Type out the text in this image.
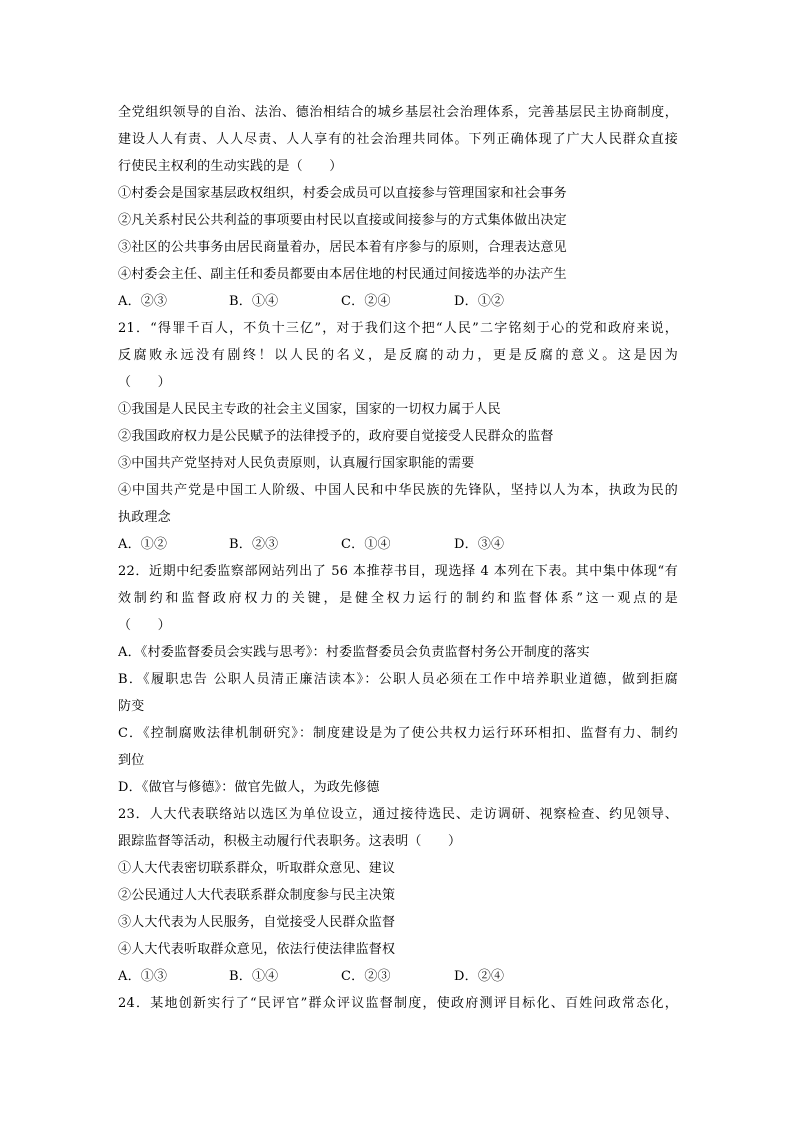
全党组织领导的自治、法治、德治相结合的城乡基层社会治理体系，完善基层民主协商制度，
建设人人有责、人人尽责、人人享有的社会治理共同体。下列正确体现了广大人民群众直接
行使民主权利的生动实践的是（　　）
①村委会是国家基层政权组织，村委会成员可以直接参与管理国家和社会事务
②凡关系村民公共利益的事项要由村民以直接或间接参与的方式集体做出决定
③社区的公共事务由居民商量着办，居民本着有序参与的原则，合理表达意见
④村委会主任、副主任和委员都要由本居住地的村民通过间接选举的办法产生
A．②③	B．①④	C．②④	D．①②
21．“得罪千百人，不负十三亿”，对于我们这个把“人民”二字铭刻于心的党和政府来说，
反腐败永远没有剧终！以人民的名义，是反腐的动力，更是反腐的意义。这是因为
（　　）
①我国是人民民主专政的社会主义国家，国家的一切权力属于人民
②我国政府权力是公民赋予的法律授予的，政府要自觉接受人民群众的监督
③中国共产党坚持对人民负责原则，认真履行国家职能的需要
④中国共产党是中国工人阶级、中国人民和中华民族的先锋队，坚持以人为本，执政为民的
执政理念
A．①②	B．②③	C．①④	D．③④
22．近期中纪委监察部网站列出了 56 本推荐书目，现选择 4 本列在下表。其中集中体现“有
效制约和监督政府权力的关键，是健全权力运行的制约和监督体系”这一观点的是
（　　）
A．《村委监督委员会实践与思考》：村委监督委员会负责监督村务公开制度的落实
B．《履职忠告 公职人员清正廉洁读本》：公职人员必须在工作中培养职业道德，做到拒腐
防变
C．《控制腐败法律机制研究》：制度建设是为了使公共权力运行环环相扣、监督有力、制约
到位
D．《做官与修德》：做官先做人，为政先修德
23．人大代表联络站以选区为单位设立，通过接待选民、走访调研、视察检查、约见领导、
跟踪监督等活动，积极主动履行代表职务。这表明（　　）
①人大代表密切联系群众，听取群众意见、建议
②公民通过人大代表联系群众制度参与民主决策
③人大代表为人民服务，自觉接受人民群众监督
④人大代表听取群众意见，依法行使法律监督权
A．①③	B．①④	C．②③	D．②④
24．某地创新实行了“民评官”群众评议监督制度，使政府测评目标化、百姓问政常态化，
